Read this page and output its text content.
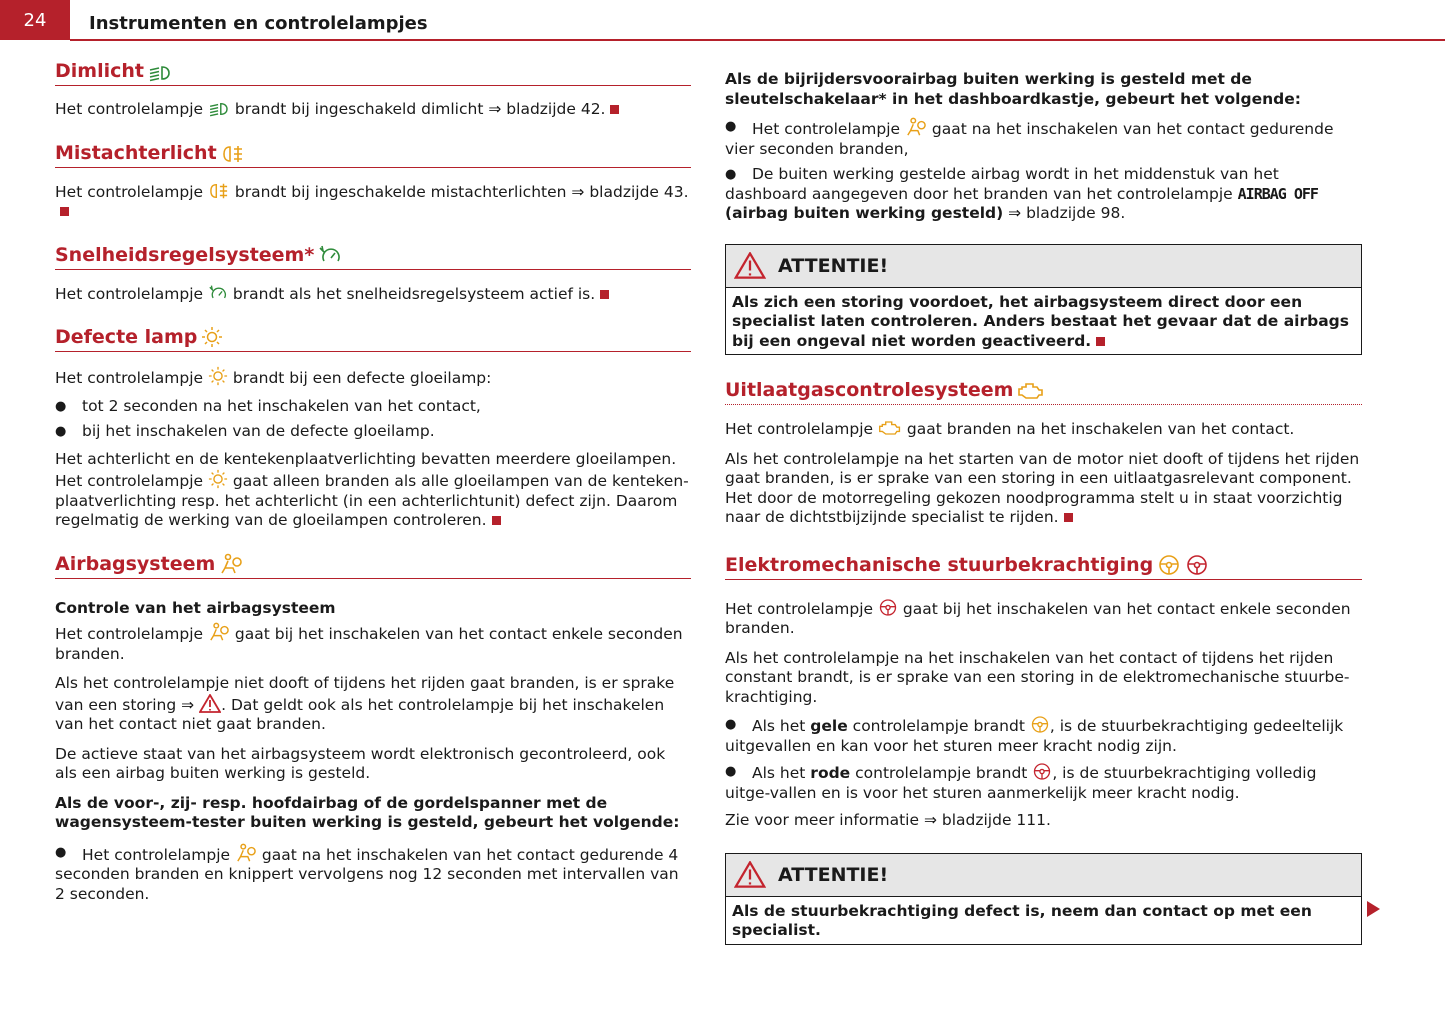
24	Instrumenten en controlelampjes
Dimlicht

Het controlelampje brandt bij ingeschakeld dimlicht ⇒ bladzijde 42.

Mistachterlicht

Het controlelampje brandt bij ingeschakelde mistachterlichten ⇒ bladzijde 43.

Snelheidsregelsysteem*

Het controlelampje brandt als het snelheidsregelsysteem actief is.

Defecte lamp

Het controlelampje brandt bij een defecte gloeilamp:

● tot 2 seconden na het inschakelen van het contact,
● bij het inschakelen van de defecte gloeilamp.

Het achterlicht en de kentekenplaatverlichting bevatten meerdere gloeilampen. Het controlelampje gaat alleen branden als alle gloeilampen van de kenteken-plaatverlichting resp. het achterlicht (in een achterlichtunit) defect zijn. Daarom regelmatig de werking van de gloeilampen controleren.

Airbagsysteem
Controle van het airbagsysteem

Het controlelampje gaat bij het inschakelen van het contact enkele seconden branden.

Als het controlelampje niet dooft of tijdens het rijden gaat branden, is er sprake van een storing ⇒ . Dat geldt ook als het controlelampje bij het inschakelen van het contact niet gaat branden.

De actieve staat van het airbagsysteem wordt elektronisch gecontroleerd, ook als een airbag buiten werking is gesteld.

Als de voor-, zij- resp. hoofdairbag of de gordelspanner met de wagensysteem-tester buiten werking is gesteld, gebeurt het volgende:

● Het controlelampje gaat na het inschakelen van het contact gedurende 4 seconden branden en knippert vervolgens nog 12 seconden met intervallen van 2 seconden.

Als de bijrijdersvoorairbag buiten werking is gesteld met de sleutelschakelaar* in het dashboardkastje, gebeurt het volgende:

● Het controlelampje gaat na het inschakelen van het contact gedurende vier seconden branden,
● De buiten werking gestelde airbag wordt in het middenstuk van het dashboard aangegeven door het branden van het controlelampje AIRBAG OFF (airbag buiten werking gesteld) ⇒ bladzijde 98.
ATTENTIE!
Als zich een storing voordoet, het airbagsysteem direct door een specialist laten controleren. Anders bestaat het gevaar dat de airbags bij een ongeval niet worden geactiveerd.
Uitlaatgascontrolesysteem

Het controlelampje gaat branden na het inschakelen van het contact.

Als het controlelampje na het starten van de motor niet dooft of tijdens het rijden gaat branden, is er sprake van een storing in een uitlaatgasrelevant component. Het door de motorregeling gekozen noodprogramma stelt u in staat voorzichtig naar de dichtstbijzijnde specialist te rijden.

Elektromechanische stuurbekrachtiging

Het controlelampje gaat bij het inschakelen van het contact enkele seconden branden.

Als het controlelampje na het inschakelen van het contact of tijdens het rijden constant brandt, is er sprake van een storing in de elektromechanische stuurbe-krachtiging.

● Als het gele controlelampje brandt , is de stuurbekrachtiging gedeeltelijk uitgevallen en kan voor het sturen meer kracht nodig zijn.
● Als het rode controlelampje brandt , is de stuurbekrachtiging volledig uitge-vallen en is voor het sturen aanmerkelijk meer kracht nodig.

Zie voor meer informatie ⇒ bladzijde 111.

ATTENTIE!
Als de stuurbekrachtiging defect is, neem dan contact op met een specialist.
